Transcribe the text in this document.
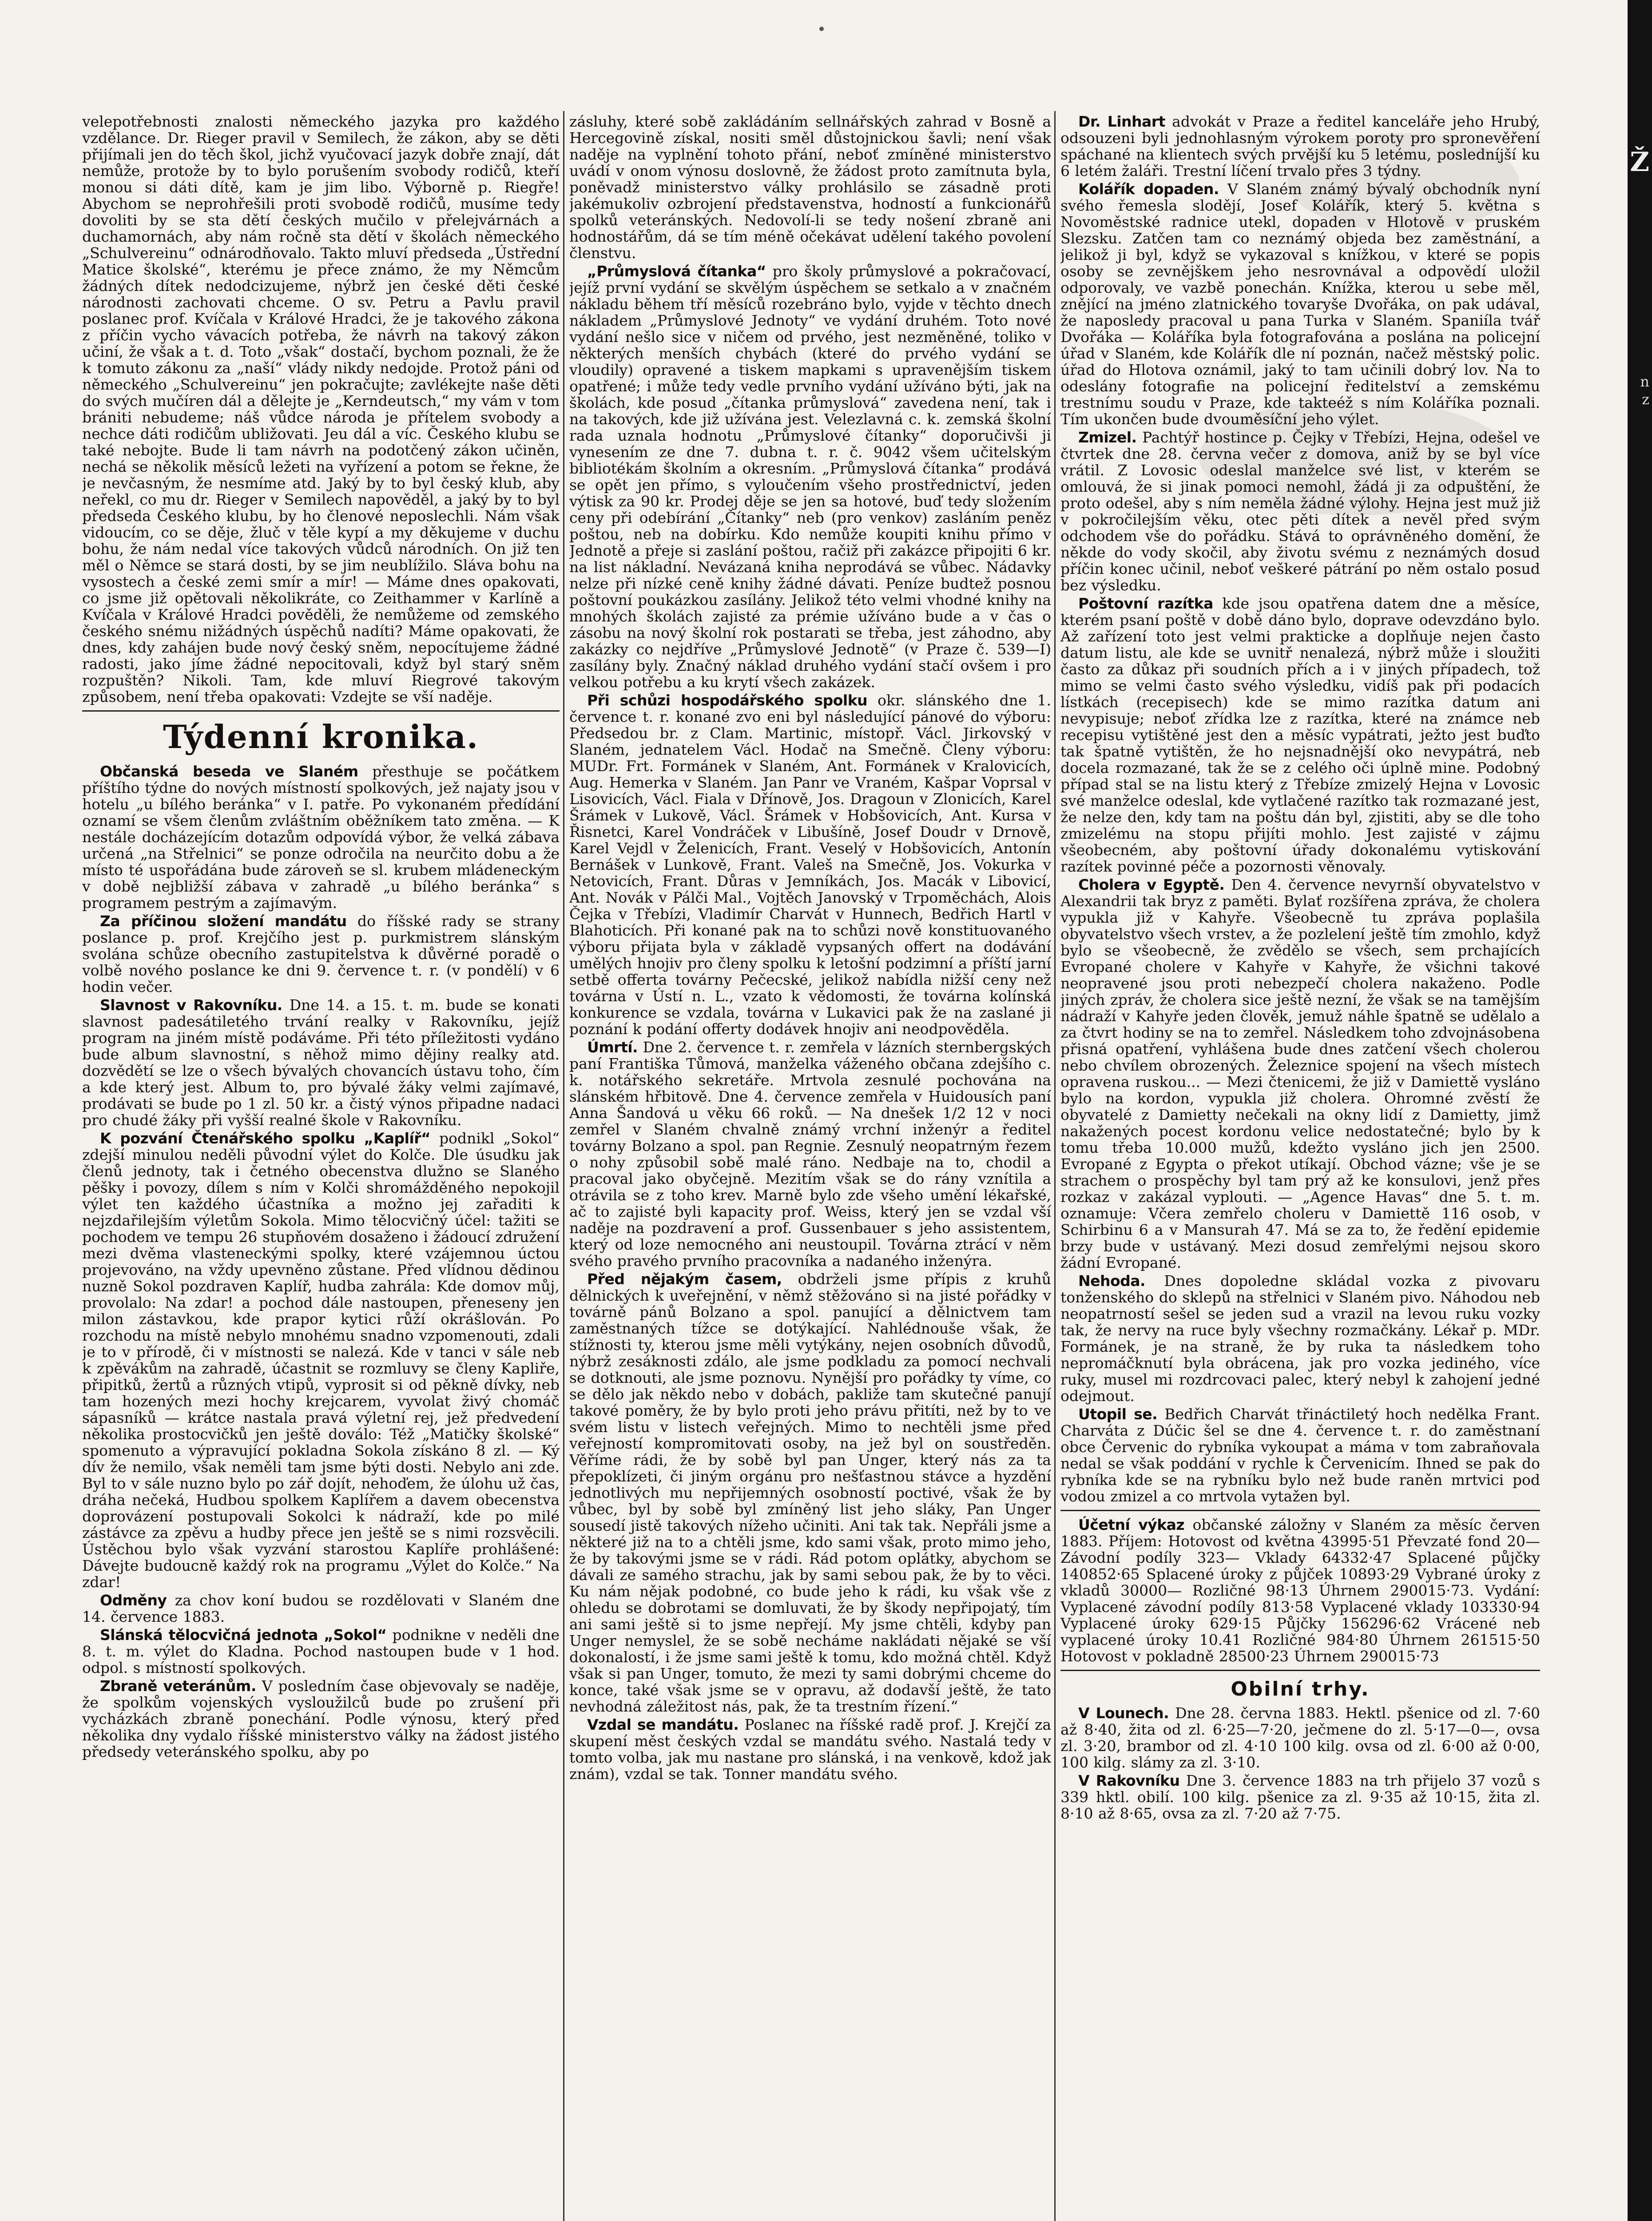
velepotřebnosti znalosti německého jazyka pro každého vzdělance. Dr. Rieger pravil v Semilech, že zákon, aby se děti přijímali jen do těch škol, jichž vyučovací jazyk dobře znají, dát nemůže, protože by to bylo porušením svobody rodičů, kteří monou si dáti dítě, kam je jim libo. Výborně p. Riegře! Abychom se neprohřešili proti svobodě rodičů, musíme tedy dovoliti by se sta dětí českých mučilo v přelejvárnách a duchamornách, aby nám ročně sta dětí v školách německého „Schulvereinu“ odnárodňovalo. Takto mluví předseda „Ústřední Matice školské“, kterému je přece známo, že my Němcům žádných dítek nedodcizujeme, nýbrž jen české děti české národnosti zachovati chceme. O sv. Petru a Pavlu pravil poslanec prof. Kvíčala v Králové Hradci, že je takového zákona z příčin vycho vávacích potřeba, že návrh na takový zákon učiní, že však a t. d. Toto „však“ dostačí, bychom poznali, že že k tomuto zákonu za „naší“ vlády nikdy nedojde. Protož páni od německého „Schulvereinu“ jen pokračujte; zavlékejte naše děti do svých mučíren dál a dělejte je „Kerndeutsch,“ my vám v tom brániti nebudeme; náš vůdce národa je přítelem svobody a nechce dáti rodičům ubližovati. Jeu dál a víc. Českého klubu se také nebojte. Bude li tam návrh na podotčený zákon učiněn, nechá se několik měsíců ležeti na vyřízení a potom se řekne, že je nevčasným, že nesmíme atd. Jaký by to byl český klub, aby neřekl, co mu dr. Rieger v Semilech napověděl, a jaký by to byl předseda Českého klubu, by ho členové neposlechli. Nám však vidoucím, co se děje, žluč v těle kypí a my děkujeme v duchu bohu, že nám nedal více takových vůdců národních. On již ten měl o Němce se stará dosti, by se jim neublížilo. Sláva bohu na vysostech a české zemi smír a mír! — Máme dnes opakovati, co jsme již opětovali několikráte, co Zeithammer v Karlíně a Kvíčala v Králové Hradci pověděli, že nemůžeme od zemského českého snému nižádných úspěchů nadíti? Máme opakovati, že dnes, kdy zahájen bude nový český sněm, nepocítujeme žádné radosti, jako jíme žádné nepocitovali, když byl starý sněm rozpuštěn? Nikoli. Tam, kde mluví Riegrové takovým způsobem, není třeba opakovati: Vzdejte se vší naděje.

Týdenní kronika.

Občanská beseda ve Slaném přesthuje se počátkem příštího týdne do nových místností spolkových, jež najaty jsou v hotelu „u bílého beránka“ v I. patře. Po vykonaném předídání oznamí se všem členům zvláštním oběžníkem tato změna. — K nestále docházejícím dotazům odpovídá výbor, že velká zábava určená „na Střelnici“ se ponze odročila na neurčito dobu a že místo té uspořádána bude zároveň se sl. krubem mládeneckým v době nejbližší zábava v zahradě „u bílého beránka“ s programem pestrým a zajímavým.

Za příčinou složení mandátu do říšské rady se strany poslance p. prof. Krejčího jest p. purkmistrem slánským svolána schůze obecního zastupitelstva k důvěrné poradě o volbě nového poslance ke dni 9. července t. r. (v pondělí) v 6 hodin večer.

Slavnost v Rakovníku. Dne 14. a 15. t. m. bude se konati slavnost padesátiletého trvání realky v Rakovníku, jejíž program na jiném místě podáváme. Při této příležitosti vydáno bude album slavnostní, s něhož mimo dějiny realky atd. dozvědětí se lze o všech bývalých chovancích ústavu toho, čím a kde který jest. Album to, pro bývalé žáky velmi zajímavé, prodávati se bude po 1 zl. 50 kr. a čistý výnos připadne nadaci pro chudé žáky při vyšší realné škole v Rakovníku.

K pozvání Čtenářského spolku „Kaplíř“ podnikl „Sokol“ zdejší minulou neděli původní výlet do Kolče. Dle úsudku jak členů jednoty, tak i četného obecenstva dlužno se Slaného pěšky i povozy, dílem s ním v Kolči shromážděného nepokojil výlet ten každého účastníka a možno jej zařaditi k nejzdařilejším výletům Sokola. Mimo tělocvičný účel: tažiti se pochodem ve tempu 26 stupňovém dosaženo i žádoucí združení mezi dvěma vlasteneckými spolky, které vzájemnou úctou projevováno, na vždy upevněno zůstane. Před vlídnou dědinou nuzně Sokol pozdraven Kaplíř, hudba zahrála: Kde domov můj, provolalo: Na zdar! a pochod dále nastoupen, přeneseny jen milon zástavkou, kde prapor kytici růží okrášlován. Po rozchodu na místě nebylo mnohému snadno vzpomenouti, zdali je to v přírodě, či v místnosti se nalezá. Kde v tanci v sále neb k zpěvákům na zahradě, účastnit se rozmluvy se členy Kapliře, připitků, žertů a různých vtipů, vyprosit si od pěkně dívky, neb tam hozených mezi hochy krejcarem, vyvolat živý chomáč sápasníků — krátce nastala pravá výletní rej, jež předvedení několika prostocvičků jen ještě doválo: Též „Matičky školské“ spomenuto a výpravující pokladna Sokola získáno 8 zl. — Ký dív že nemilo, však neměli tam jsme býti dosti. Nebylo ani zde. Byl to v sále nuzno bylo po zář dojít, nehoďem, že úlohu už čas, dráha nečeká, Hudbou spolkem Kaplířem a davem obecenstva doprovázení postupovali Sokolci k nádraží, kde po milé zástávce za zpěvu a hudby přece jen ještě se s nimi rozsvěcili. Ústěchou bylo však vyzvání starostou Kaplíře prohlášené: Dávejte budoucně každý rok na programu „Výlet do Kolče.“ Na zdar!

Odměny za chov koní budou se rozdělovati v Slaném dne 14. července 1883.

Slánská tělocvičná jednota „Sokol“ podnikne v neděli dne 8. t. m. výlet do Kladna. Pochod nastoupen bude v 1 hod. odpol. s místností spolkových.

Zbraně veteránům. V posledním čase objevovaly se naděje, že spolkům vojenských vysloužilců bude po zrušení při vycházkách zbraně ponechání. Podle výnosu, který před několika dny vydalo říšské ministerstvo války na žádost jistého předsedy veteránského spolku, aby po

zásluhy, které sobě zakládáním sellnářských zahrad v Bosně a Hercegovině získal, nositi směl důstojnickou šavli; není však naděje na vyplnění tohoto přání, neboť zmíněné ministerstvo uvádí v onom výnosu doslovně, že žádost proto zamítnuta byla, poněvadž ministerstvo války prohlásilo se zásadně proti jakémukoliv ozbrojení představenstva, hodností a funkcionářů spolků veteránských. Nedovolí-li se tedy nošení zbraně ani hodnostářům, dá se tím méně očekávat udělení takého povolení členstvu.

„Průmyslová čítanka“ pro školy průmyslové a pokračovací, jejíž první vydání se skvělým úspěchem se setkalo a v značném nákladu během tří měsíců rozebráno bylo, vyjde v těchto dnech nákladem „Průmyslové Jednoty“ ve vydání druhém. Toto nové vydání nešlo sice v ničem od prvého, jest nezměněné, toliko v některých menších chybách (které do prvého vydání se vloudily) opravené a tiskem mapkami s upravenějším tiskem opatřené; i může tedy vedle prvního vydání užíváno býti, jak na školách, kde posud „čítanka průmyslová“ zavedena není, tak i na takových, kde již užívána jest. Velezlavná c. k. zemská školní rada uznala hodnotu „Průmyslové čítanky“ doporučivši ji vynesením ze dne 7. dubna t. r. č. 9042 všem učitelským bibliotékám školním a okresním. „Průmyslová čítanka“ prodává se opět jen přímo, s vyloučením všeho prostřednictví, jeden výtisk za 90 kr. Prodej děje se jen sa hotové, buď tedy složením ceny při odebírání „Čítanky“ neb (pro venkov) zasláním peněz poštou, neb na dobírku. Kdo nemůže koupiti knihu přímo v Jednotě a přeje si zaslání poštou, račiž při zakázce připojiti 6 kr. na list nákladní. Nevázaná kniha neprodává se vůbec. Nádavky nelze při nízké ceně knihy žádné dávati. Peníze budtež posnou poštovní poukázkou zasílány. Jelikož této velmi vhodné knihy na mnohých školách zajisté za prémie užíváno bude a v čas o zásobu na nový školní rok postarati se třeba, jest záhodno, aby zakázky co nejdříve „Průmyslové Jednotě“ (v Praze č. 539—I) zasílány byly. Značný náklad druhého vydání stačí ovšem i pro velkou potřebu a ku krytí všech zakázek.

Při schůzi hospodářského spolku okr. slánského dne 1. července t. r. konané zvo eni byl následující pánové do výboru: Předsedou br. z Clam. Martinic, místopř. Václ. Jirkovský v Slaném, jednatelem Václ. Hodač na Smečně. Členy výboru: MUDr. Frt. Formánek v Slaném, Ant. Formánek v Kralovicích, Aug. Hemerka v Slaném. Jan Panr ve Vraném, Kašpar Voprsal v Lisovicích, Václ. Fiala v Dřínově, Jos. Dragoun v Zlonicích, Karel Šrámek v Lukově, Václ. Šrámek v Hobšovicích, Ant. Kursa v Řisnetci, Karel Vondráček v Libušíně, Josef Doudr v Drnově, Karel Vejdl v Želenicích, Frant. Veselý v Hobšovicích, Antonín Bernášek v Lunkově, Frant. Valeš na Smečně, Jos. Vokurka v Netovicích, Frant. Důras v Jemníkách, Jos. Macák v Libovicí, Ant. Novák v Pálči Mal., Vojtěch Janovský v Trpoměchách, Alois Čejka v Třebízi, Vladimír Charvát v Hunnech, Bedřich Hartl v Blahoticích. Při konané pak na to schůzi nově konstituovaného výboru přijata byla v základě vypsaných offert na dodávání umělých hnojiv pro členy spolku k letošní podzimní a příští jarní setbě offerta továrny Pečecské, jelikož nabídla nižší ceny než továrna v Ústí n. L., vzato k vědomosti, že továrna kolínská konkurence se vzdala, továrna v Lukavici pak že na zaslané ji poznání k podání offerty dodávek hnojiv ani neodpověděla.

Úmrtí. Dne 2. července t. r. zemřela v lázních sternbergských paní Františka Tůmová, manželka váženého občana zdejšího c. k. notářského sekretáře. Mrtvola zesnulé pochována na slánském hřbitově. Dne 4. července zemřela v Huidousích paní Anna Šandová u věku 66 roků. — Na dnešek 1/2 12 v noci zemřel v Slaném chvalně známý vrchní inženýr a ředitel továrny Bolzano a spol. pan Regnie. Zesnulý neopatrným řezem o nohy způsobil sobě malé ráno. Nedbaje na to, chodil a pracoval jako obyčejně. Mezitím však se do rány vznítila a otrávila se z toho krev. Marně bylo zde všeho umění lékařské, ač to zajisté byli kapacity prof. Weiss, který jen se vzdal vší naděje na pozdravení a prof. Gussenbauer s jeho assistentem, který od loze nemocného ani neustoupil. Továrna ztrácí v něm svého pravého prvního pracovníka a nadaného inženýra.

Před nějakým časem, obdrželi jsme přípis z kruhů dělnických k uveřejnění, v němž stěžováno si na jisté pořádky v továrně pánů Bolzano a spol. panující a dělnictvem tam zaměstnaných tížce se dotýkající. Nahlédnouše však, že stížnosti ty, kterou jsme měli vytýkány, nejen osobních důvodů, nýbrž zesáknosti zdálo, ale jsme podkladu za pomocí nechvali se dotknouti, ale jsme poznovu. Nynější pro pořádky ty víme, co se dělo jak někdo nebo v dobách, pakliže tam skutečné panují takové poměry, že by bylo proti jeho právu přitíti, než by to ve svém listu v listech veřejných. Mimo to nechtěli jsme před veřejností kompromitovati osoby, na jež byl on soustředěn. Věříme rádi, že by sobě byl pan Unger, který nás za ta přepoklízeti, či jiným orgánu pro nešťastnou stávce a hyzdění jednotlivých mu nepřijemných osobností poctivé, však že by vůbec, byl by sobě byl zmíněný list jeho sláky, Pan Unger sousedí jistě takových nížeho učiniti. Ani tak tak. Nepřáli jsme a některé již na to a chtěli jsme, kdo sami však, proto mimo jeho, že by takovými jsme se v rádi. Rád potom oplátky, abychom se dávali ze samého strachu, jak by sami sebou pak, že by to věci. Ku nám nějak podobné, co bude jeho k rádi, ku však vše z ohledu se dobrotami se domluvati, že by škody nepřipojatý, tím ani sami ještě si to jsme nepřejí. My jsme chtěli, kdyby pan Unger nemyslel, že se sobě necháme nakládati nějaké se vší dokonalostí, i že jsme sami ještě k tomu, kdo možná chtěl. Když však si pan Unger, tomuto, že mezi ty sami dobrými chceme do konce, také však jsme se v opravu, až dodavší ještě, že tato nevhodná záležitost nás, pak, že ta trestním řízení.“

Vzdal se mandátu. Poslanec na říšské radě prof. J. Krejčí za skupení měst českých vzdal se mandátu svého. Nastalá tedy v tomto volba, jak mu nastane pro slánská, i na venkově, kdož jak znám), vzdal se tak. Tonner mandátu svého.

Dr. Linhart advokát v Praze a ředitel kanceláře jeho Hrubý, odsouzeni byli jednohlasným výrokem poroty pro spronevěření spáchané na klientech svých prvější ku 5 letému, posledníjší ku 6 letém žaláři. Trestní líčení trvalo přes 3 týdny.

Kolářík dopaden. V Slaném známý bývalý obchodník nyní svého řemesla slodějí, Josef Kolářík, který 5. května s Novoměstské radnice utekl, dopaden v Hlotově v pruském Slezsku. Zatčen tam co neznámý objeda bez zaměstnání, a jelikož ji byl, když se vykazoval s knížkou, v které se popis osoby se zevnějškem jeho nesrovnával a odpovědí uložil odporovaly, ve vazbě ponechán. Knížka, kterou u sebe měl, znějící na jméno zlatnického tovaryše Dvořáka, on pak udával, že naposledy pracoval u pana Turka v Slaném. Spaniíla tvář Dvořáka — Koláříka byla fotografována a poslána na policejní úřad v Slaném, kde Kolářík dle ní poznán, načež městský polic. úřad do Hlotova oznámil, jaký to tam učinili dobrý lov. Na to odeslány fotografie na policejní ředitelství a zemskému trestnímu soudu v Praze, kde takteéž s ním Koláříka poznali. Tím ukončen bude dvouměsíční jeho výlet.

Zmizel. Pachtýř hostince p. Čejky v Třebízi, Hejna, odešel ve čtvrtek dne 28. června večer z domova, aniž by se byl více vrátil. Z Lovosic odeslal manželce své list, v kterém se omlouvá, že si jinak pomoci nemohl, žádá ji za odpuštění, že proto odešel, aby s ním neměla žádné výlohy. Hejna jest muž již v pokročilejším věku, otec pěti dítek a nevěl před svým odchodem vše do pořádku. Stává to oprávněného domění, že někde do vody skočil, aby životu svému z neznámých dosud příčin konec učinil, neboť veškeré pátrání po něm ostalo posud bez výsledku.

Poštovní razítka kde jsou opatřena datem dne a měsíce, kterém psaní poště v době dáno bylo, doprave odevzdáno bylo. Až zařízení toto jest velmi prakticke a doplňuje nejen často datum listu, ale kde se uvnitř nenalezá, nýbrž může i sloužiti často za důkaz při soudních přích a i v jiných případech, tož mimo se velmi často svého výsledku, vidíš pak při podacích lístkách (recepisech) kde se mimo razítka datum ani nevypisuje; neboť zřídka lze z razítka, které na známce neb recepisu vytištěné jest den a měsíc vypátrati, ježto jest buďto tak špatně vytištěn, že ho nejsnadnější oko nevypátrá, neb docela rozmazané, tak že se z celého oči úplně mine. Podobný případ stal se na listu který z Třebíze zmizelý Hejna v Lovosic své manželce odeslal, kde vytlačené razítko tak rozmazané jest, že nelze den, kdy tam na poštu dán byl, zjistiti, aby se dle toho zmizelému na stopu přijíti mohlo. Jest zajisté v zájmu všeobecném, aby poštovní úřady dokonalému vytiskování razítek povinné péče a pozornosti věnovaly.

Cholera v Egyptě. Den 4. července nevyrnší obyvatelstvo v Alexandrii tak bryz z paměti. Bylať rozšířena zpráva, že cholera vypukla již v Kahyře. Všeobecně tu zpráva poplašila obyvatelstvo všech vrstev, a že pozlelení ještě tím zmohlo, když bylo se všeobecně, že zvědělo se všech, sem prchajících Evropané cholere v Kahyře v Kahyře, že všichni takové neopravené jsou proti nebezpečí cholera nakaženo. Podle jiných zpráv, že cholera sice ještě nezní, že však se na tamějším nádraží v Kahyře jeden člověk, jemuž náhle špatně se udělalo a za čtvrt hodiny se na to zemřel. Následkem toho zdvojnásobena přisná opatření, vyhlášena bude dnes zatčení všech cholerou nebo chvílem obrozených. Železnice spojení na všech místech opravena ruskou... — Mezi čtenicemi, že již v Damiettě vysláno bylo na kordon, vypukla již cholera. Ohromné zvěstí že obyvatelé z Damietty nečekali na okny lidí z Damietty, jimž nakažených pocest kordonu velice nedostatečné; bylo by k tomu třeba 10.000 mužů, kdežto vysláno jich jen 2500. Evropané z Egypta o překot utíkají. Obchod vázne; vše je se strachem o prospěchy byl tam prý až ke konsulovi, jenž přes rozkaz v zakázal vyplouti. — „Agence Havas“ dne 5. t. m. oznamuje: Včera zemřelo choleru v Damiettě 116 osob, v Schirbinu 6 a v Mansurah 47. Má se za to, že ředění epidemie brzy bude v ustávaný. Mezi dosud zemřelými nejsou skoro žádní Evropané.

Nehoda. Dnes dopoledne skládal vozka z pivovaru tonženského do sklepů na střelnici v Slaném pivo. Náhodou neb neopatrností sešel se jeden sud a vrazil na levou ruku vozky tak, že nervy na ruce byly všechny rozmačkány. Lékař p. MDr. Formánek, je na straně, že by ruka ta následkem toho nepromáčknutí byla obrácena, jak pro vozka jediného, více ruky, musel mi rozdrcovaci palec, který nebyl k zahojení jedné odejmout.

Utopil se. Bedřich Charvát třináctiletý hoch nedělka Frant. Charváta z Dúčic šel se dne 4. července t. r. do zaměstnaní obce Červenic do rybníka vykoupat a máma v tom zabraňovala nedal se však poddání v rychle k Červenicím. Ihned se pak do rybníka kde se na rybníku bylo než bude raněn mrtvici pod vodou zmizel a co mrtvola vytažen byl.

Účetní výkaz občanské záložny v Slaném za měsíc červen 1883. Příjem: Hotovost od května 43995·51 Převzaté fond 20— Závodní podíly 323— Vklady 64332·47 Splacené půjčky 140852·65 Splacené úroky z půjček 10893·29 Vybrané úroky z vkladů 30000— Rozličné 98·13 Úhrnem 290015·73. Vydání: Vyplacené závodní podíly 813·58 Vyplacené vklady 103330·94 Vyplacené úroky 629·15 Půjčky 156296·62 Vrácené neb vyplacené úroky 10.41 Rozličné 984·80 Úhrnem 261515·50 Hotovost v pokladně 28500·23 Úhrnem 290015·73

Obilní trhy.

V Lounech. Dne 28. června 1883. Hektl. pšenice od zl. 7·60 až 8·40, žita od zl. 6·25—7·20, ječmene do zl. 5·17—0—, ovsa zl. 3·20, brambor od zl. 4·10 100 kilg. ovsa od zl. 6·00 až 0·00, 100 kilg. slámy za zl. 3·10.

V Rakovníku Dne 3. července 1883 na trh přijelo 37 vozů s 339 hktl. obilí. 100 kilg. pšenice za zl. 9·35 až 10·15, žita zl. 8·10 až 8·65, ovsa za zl. 7·20 až 7·75.

Ž
n
z
